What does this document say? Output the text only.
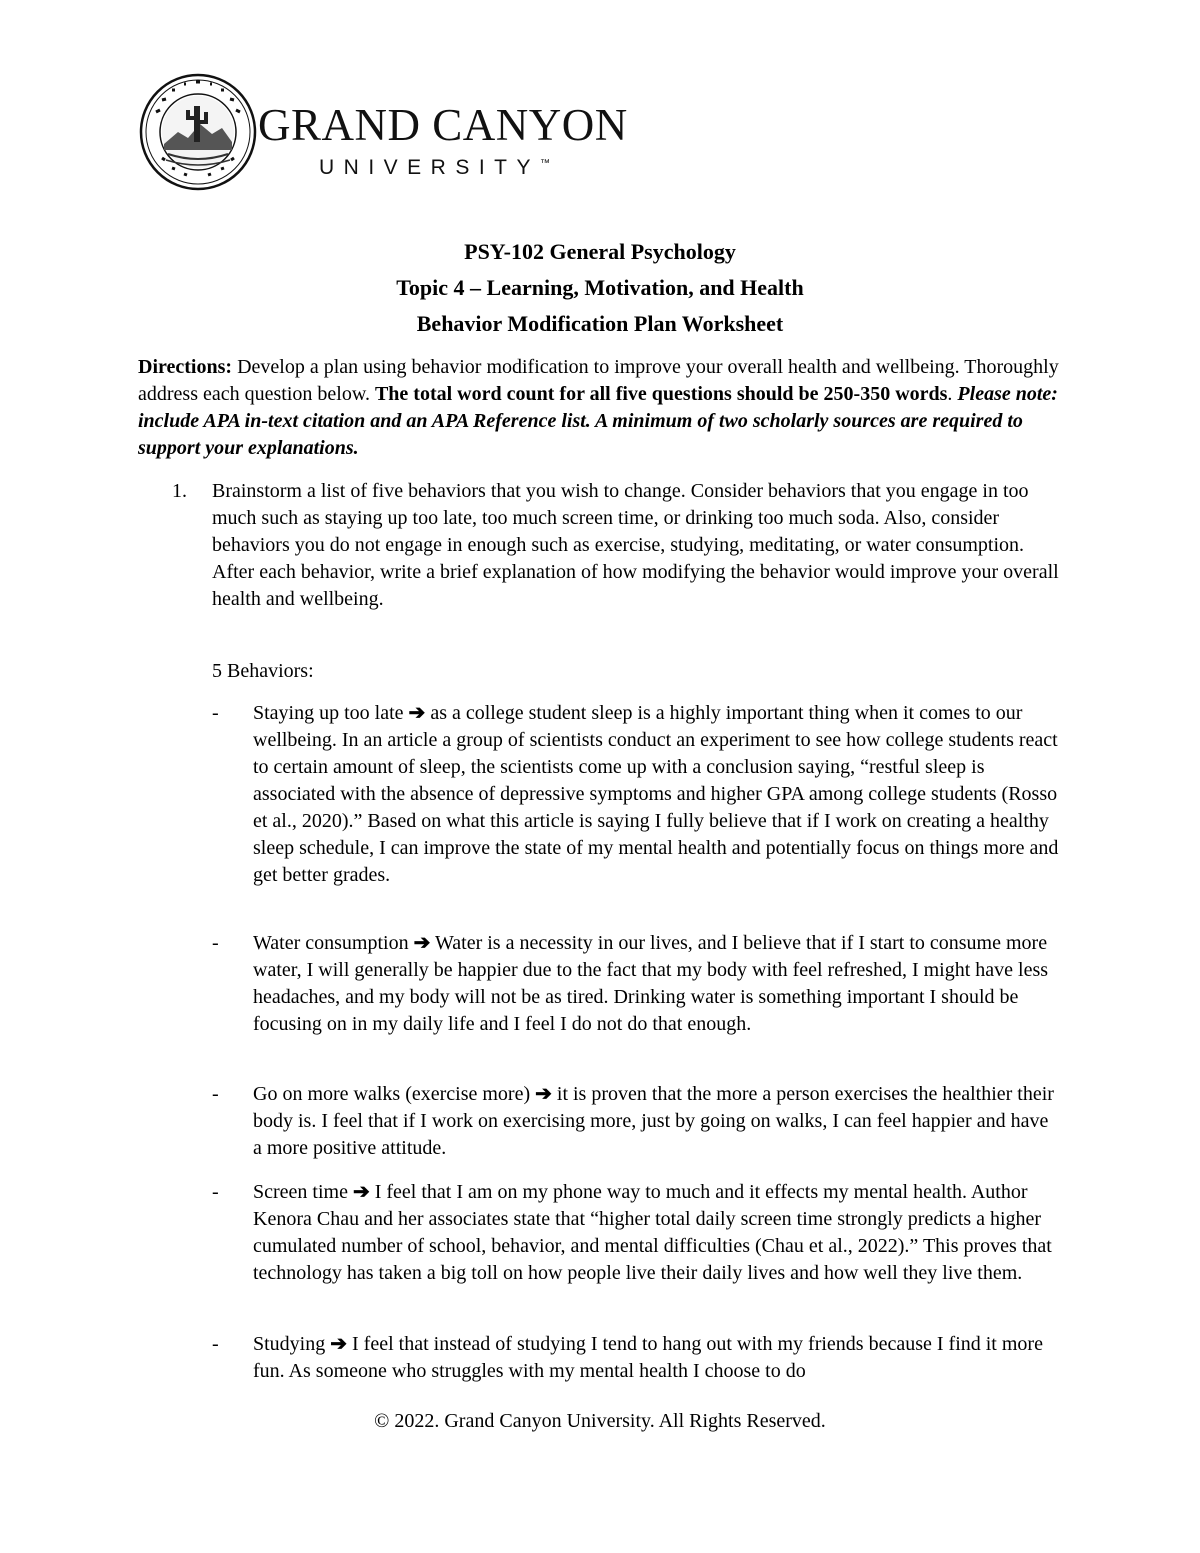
GRAND CANYON
UNIVERSITY™
PSY-102 General Psychology
Topic 4 – Learning, Motivation, and Health
Behavior Modification Plan Worksheet
Directions: Develop a plan using behavior modification to improve your overall health and wellbeing. Thoroughly address each question below. The total word count for all five questions should be 250-350 words. Please note: include APA in-text citation and an APA Reference list. A minimum of two scholarly sources are required to support your explanations.
1. Brainstorm a list of five behaviors that you wish to change. Consider behaviors that you engage in too much such as staying up too late, too much screen time, or drinking too much soda. Also, consider behaviors you do not engage in enough such as exercise, studying, meditating, or water consumption. After each behavior, write a brief explanation of how modifying the behavior would improve your overall health and wellbeing.
5 Behaviors:
-	Staying up too late ➔ as a college student sleep is a highly important thing when it comes to our wellbeing. In an article a group of scientists conduct an experiment to see how college students react to certain amount of sleep, the scientists come up with a conclusion saying, “restful sleep is associated with the absence of depressive symptoms and higher GPA among college students (Rosso et al., 2020).” Based on what this article is saying I fully believe that if I work on creating a healthy sleep schedule, I can improve the state of my mental health and potentially focus on things more and get better grades.
-	Water consumption ➔ Water is a necessity in our lives, and I believe that if I start to consume more water, I will generally be happier due to the fact that my body with feel refreshed, I might have less headaches, and my body will not be as tired. Drinking water is something important I should be focusing on in my daily life and I feel I do not do that enough.
-	Go on more walks (exercise more) ➔ it is proven that the more a person exercises the healthier their body is. I feel that if I work on exercising more, just by going on walks, I can feel happier and have a more positive attitude.
-	Screen time ➔ I feel that I am on my phone way to much and it effects my mental health. Author Kenora Chau and her associates state that “higher total daily screen time strongly predicts a higher cumulated number of school, behavior, and mental difficulties (Chau et al., 2022).” This proves that technology has taken a big toll on how people live their daily lives and how well they live them.
-	Studying ➔ I feel that instead of studying I tend to hang out with my friends because I find it more fun. As someone who struggles with my mental health I choose to do
© 2022. Grand Canyon University. All Rights Reserved.
